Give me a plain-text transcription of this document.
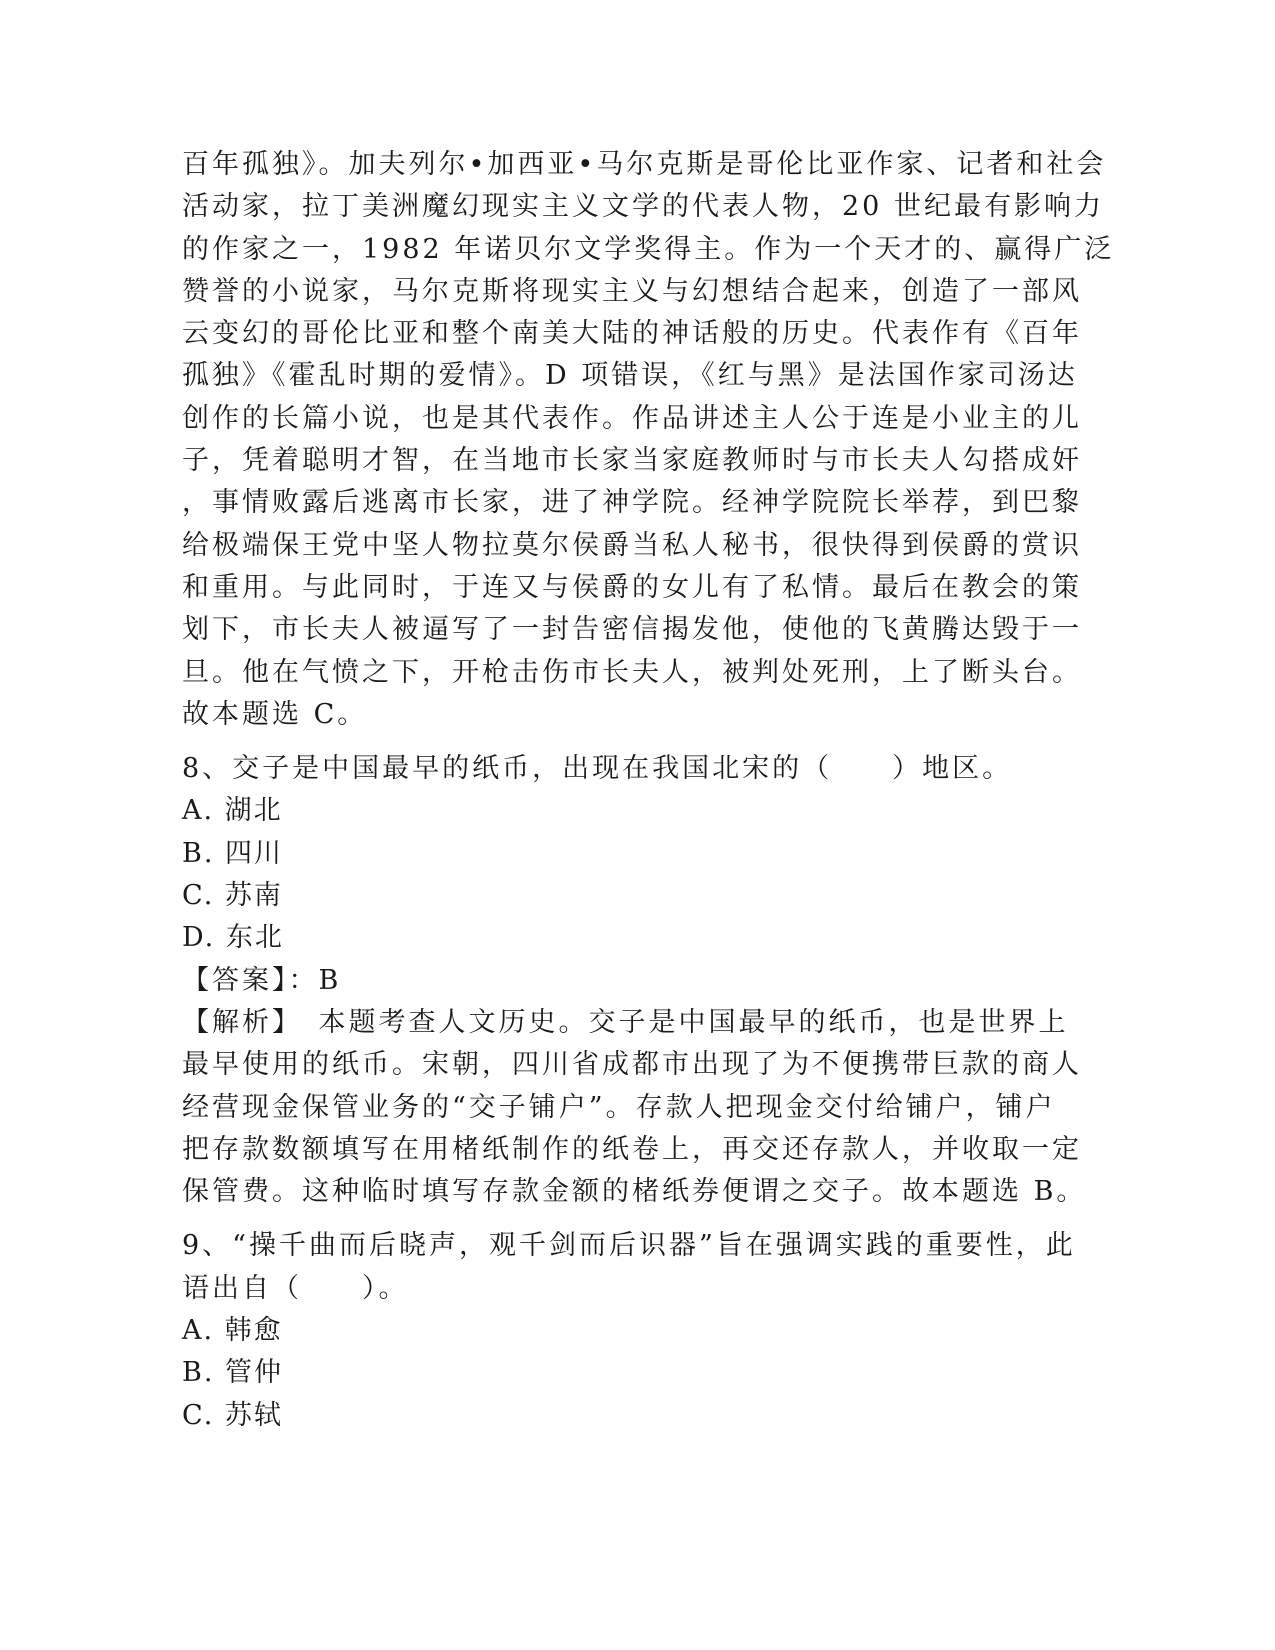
百年孤独》。加夫列尔•加西亚•马尔克斯是哥伦比亚作家、记者和社会
活动家，拉丁美洲魔幻现实主义文学的代表人物，20 世纪最有影响力
的作家之一，1982 年诺贝尔文学奖得主。作为一个天才的、赢得广泛
赞誉的小说家，马尔克斯将现实主义与幻想结合起来，创造了一部风
云变幻的哥伦比亚和整个南美大陆的神话般的历史。代表作有《百年
孤独》《霍乱时期的爱情》。D 项错误，《红与黑》是法国作家司汤达
创作的长篇小说，也是其代表作。作品讲述主人公于连是小业主的儿
子，凭着聪明才智，在当地市长家当家庭教师时与市长夫人勾搭成奸
，事情败露后逃离市长家，进了神学院。经神学院院长举荐，到巴黎
给极端保王党中坚人物拉莫尔侯爵当私人秘书，很快得到侯爵的赏识
和重用。与此同时，于连又与侯爵的女儿有了私情。最后在教会的策
划下，市长夫人被逼写了一封告密信揭发他，使他的飞黄腾达毁于一
旦。他在气愤之下，开枪击伤市长夫人，被判处死刑，上了断头台。
故本题选 C。
8、交子是中国最早的纸币，出现在我国北宋的（　　）地区。
A. 湖北
B. 四川
C. 苏南
D. 东北
【答案】：B
【解析】　本题考查人文历史。交子是中国最早的纸币，也是世界上
最早使用的纸币。宋朝，四川省成都市出现了为不便携带巨款的商人
经营现金保管业务的“交子铺户”。存款人把现金交付给铺户，铺户
把存款数额填写在用楮纸制作的纸卷上，再交还存款人，并收取一定
保管费。这种临时填写存款金额的楮纸券便谓之交子。故本题选 B。
9、“操千曲而后晓声，观千剑而后识器”旨在强调实践的重要性，此
语出自（　　）。
A. 韩愈
B. 管仲
C. 苏轼
